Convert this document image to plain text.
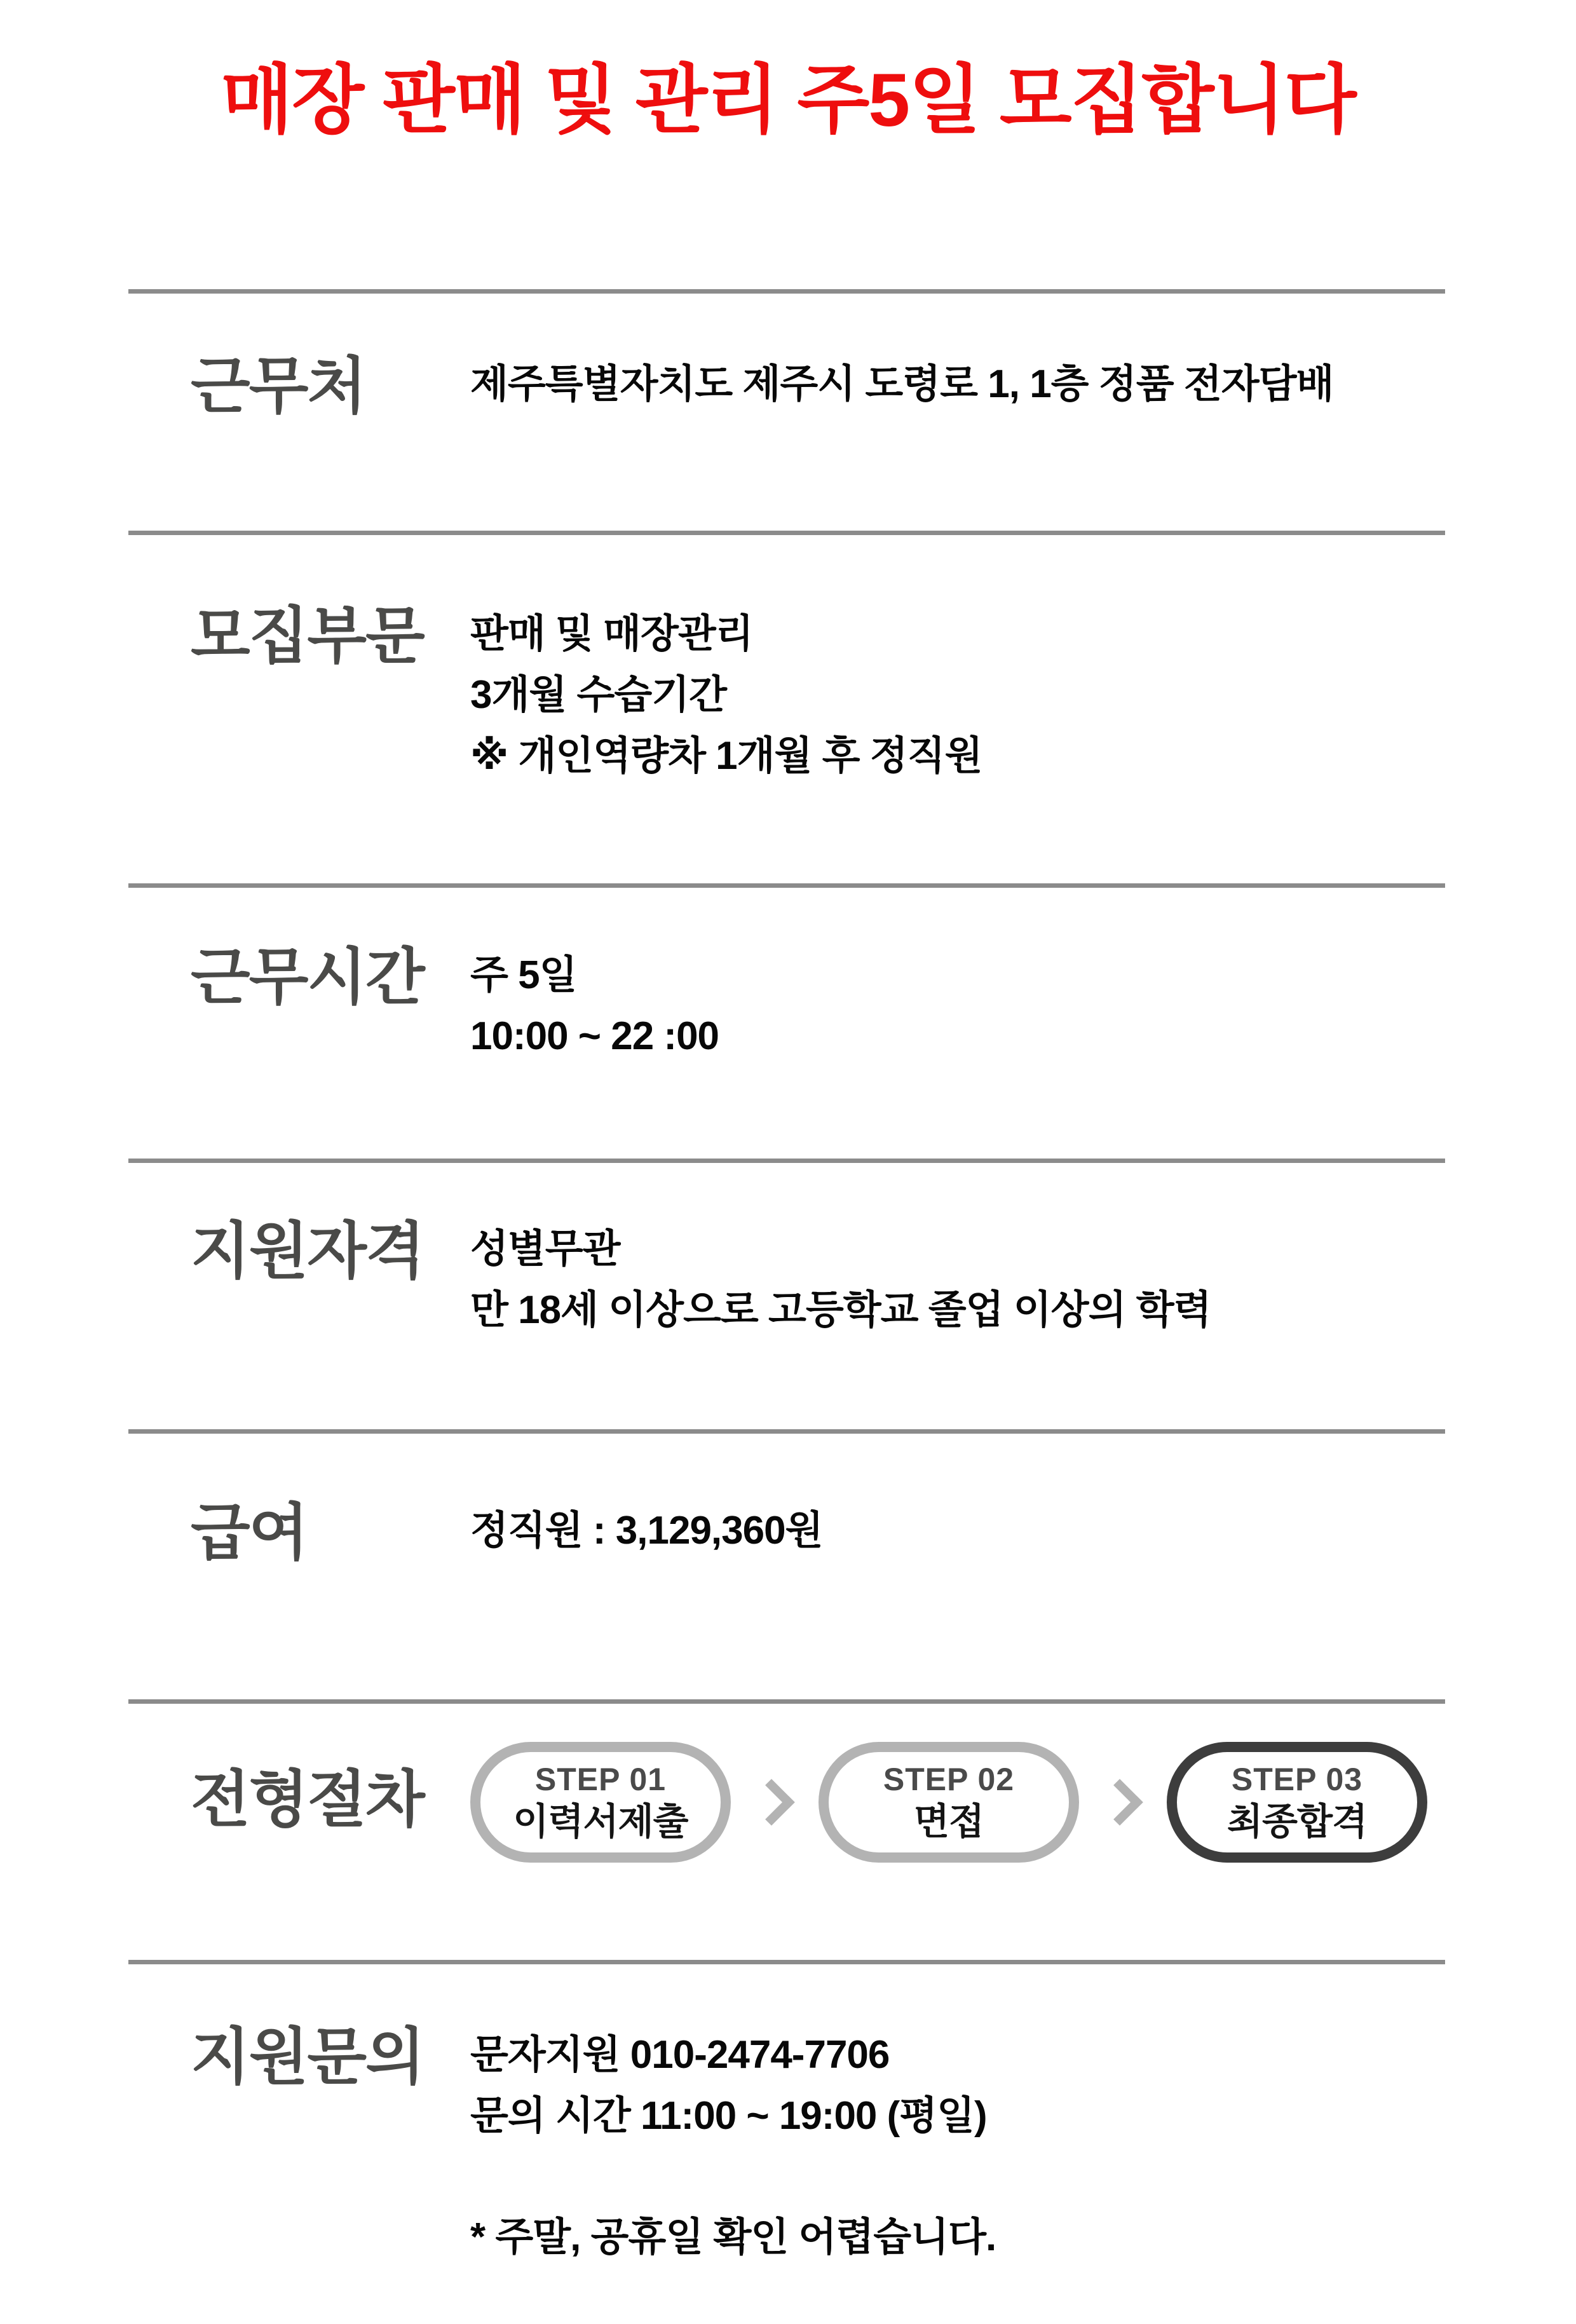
매장 판매 및 관리 주5일 모집합니다
근무처	제주특별자치도 제주시 도령로 1, 1층 정품 전자담배
모집부문	판매 및 매장관리
3개월 수습기간
※ 개인역량차 1개월 후 정직원
근무시간	주 5일
10:00 ~ 22 :00
지원자격	성별무관
만 18세 이상으로 고등학교 졸업 이상의 학력
급여	정직원 : 3,129,360원
전형절차	STEP 01
이력서제출
STEP 02
면접
STEP 03
최종합격
지원문의	문자지원 010-2474-7706
문의 시간 11:00 ~ 19:00 (평일)
* 주말, 공휴일 확인 어렵습니다.
